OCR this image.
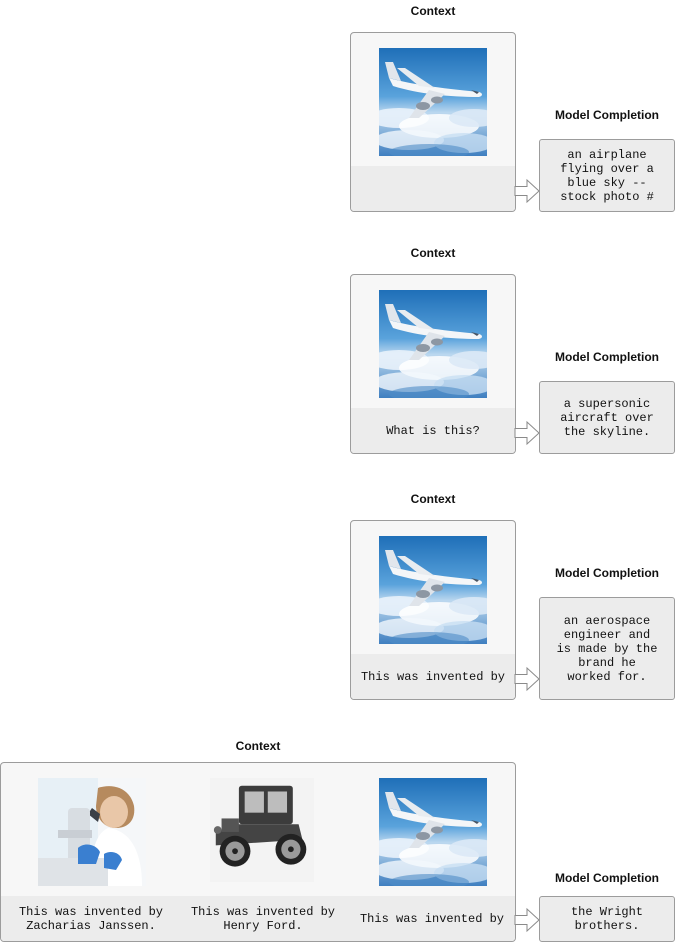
Context
Model Completion
an airplane
flying over a
blue sky --
stock photo #
Context
What is this?
Model Completion
a supersonic
aircraft over
the skyline.
Context
This was invented by
Model Completion
an aerospace
engineer and
is made by the
brand he
worked for.
Context
This was invented by
Zacharias Janssen.
This was invented by
Henry Ford.	This was invented by
Model Completion
the Wright
brothers.
